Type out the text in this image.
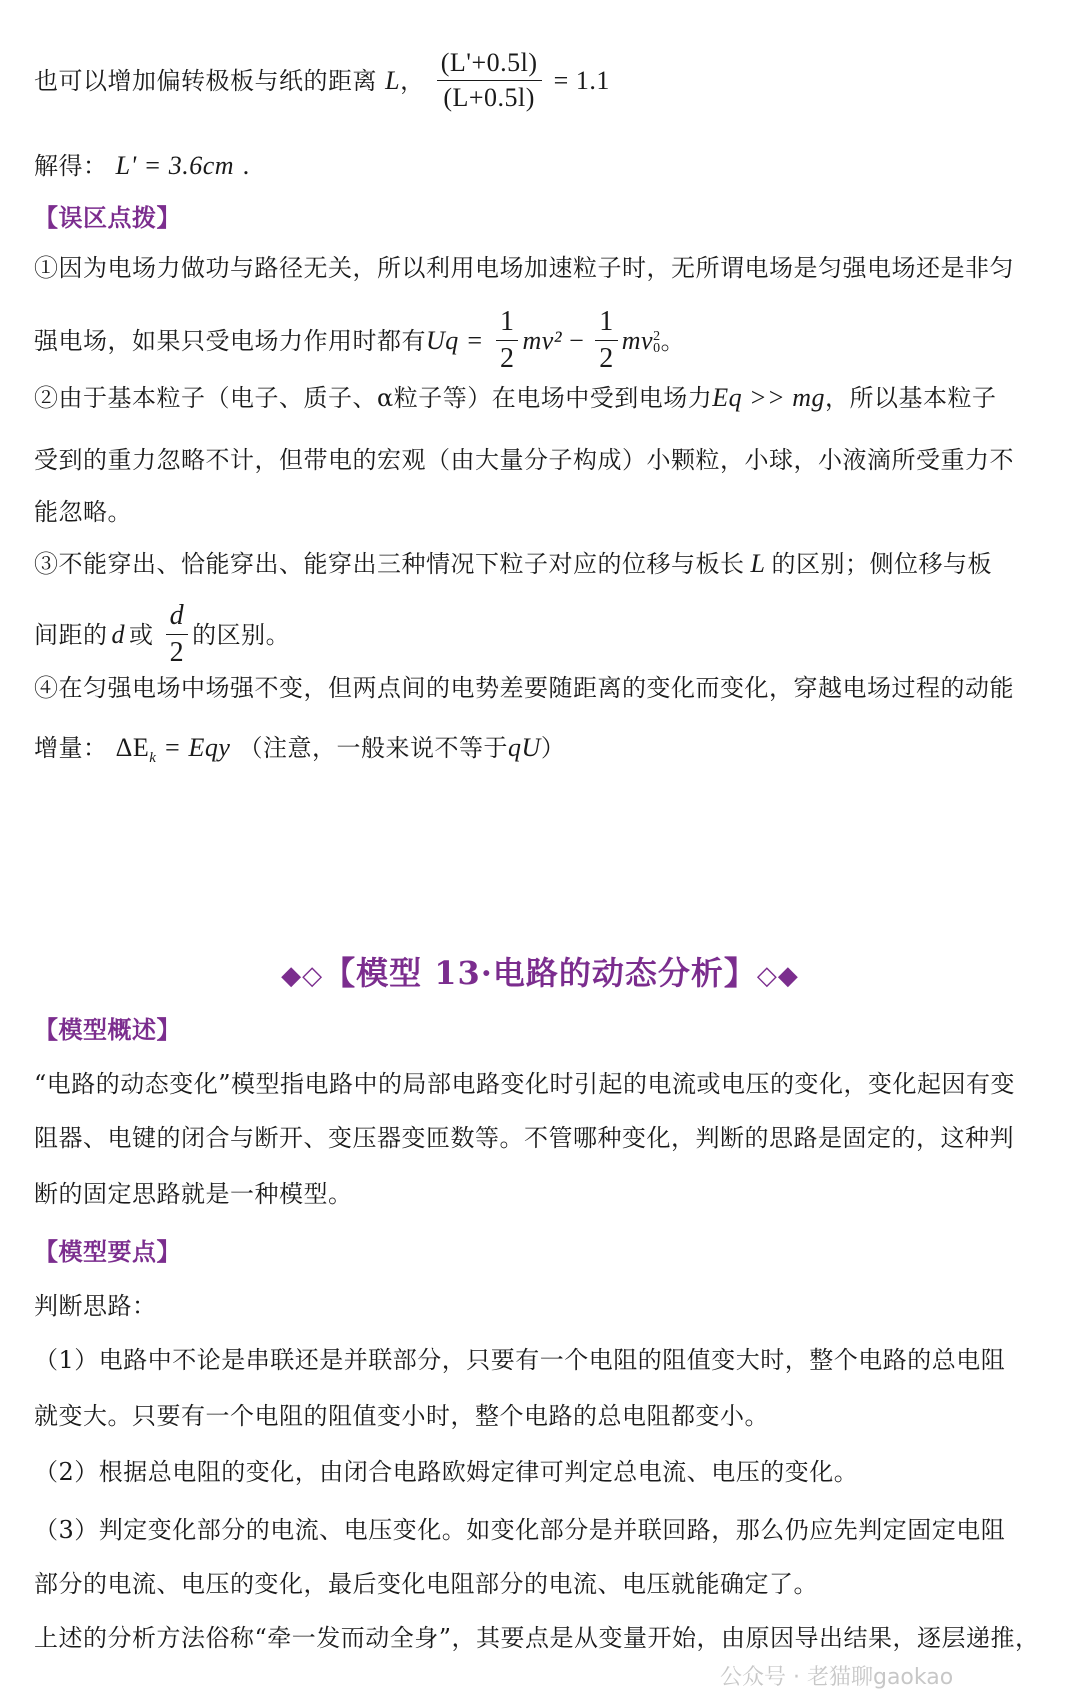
也可以增加偏转极板与纸的距离 L， $\frac{(L'+0.5l)}{(L+0.5l)} = 1.1$
解得： L' = 3.6cm .
【误区点拨】
①因为电场力做功与路径无关，所以利用电场加速粒子时，无所谓电场是匀强电场还是非匀
强电场，如果只受电场力作用时都有$Uq = \frac{1}{2} mv^2 - \frac{1}{2}$ mv 2
0 。
②由于基本粒子（电子、质子、α粒子等）在电场中受到电场力Eq >> mg，所以基本粒子
受到的重力忽略不计，但带电的宏观（由大量分子构成）小颗粒，小球，小液滴所受重力不
能忽略。
③不能穿出、恰能穿出、能穿出三种情况下粒子对应的位移与板长 L 的区别；侧位移与板
间距的 d 或 $\frac{d}{2}$ 的区别。
④在匀强电场中场强不变，但两点间的电势差要随距离的变化而变化，穿越电场过程的动能
增量： $\Delta E_k$ = Eqy （注意，一般来说不等于qU）
◆◇【模型 13·电路的动态分析】◇◆
【模型概述】
“电路的动态变化”模型指电路中的局部电路变化时引起的电流或电压的变化，变化起因有变
阻器、电键的闭合与断开、变压器变匝数等。不管哪种变化，判断的思路是固定的，这种判
断的固定思路就是一种模型。
【模型要点】
判断思路：
（1）电路中不论是串联还是并联部分，只要有一个电阻的阻值变大时，整个电路的总电阻
就变大。只要有一个电阻的阻值变小时，整个电路的总电阻都变小。
（2）根据总电阻的变化，由闭合电路欧姆定律可判定总电流、电压的变化。
（3）判定变化部分的电流、电压变化。如变化部分是并联回路，那么仍应先判定固定电阻
部分的电流、电压的变化，最后变化电阻部分的电流、电压就能确定了。
上述的分析方法俗称“牵一发而动全身”，其要点是从变量开始，由原因导出结果，逐层递推，
公众号 · 老猫聊gaokao
